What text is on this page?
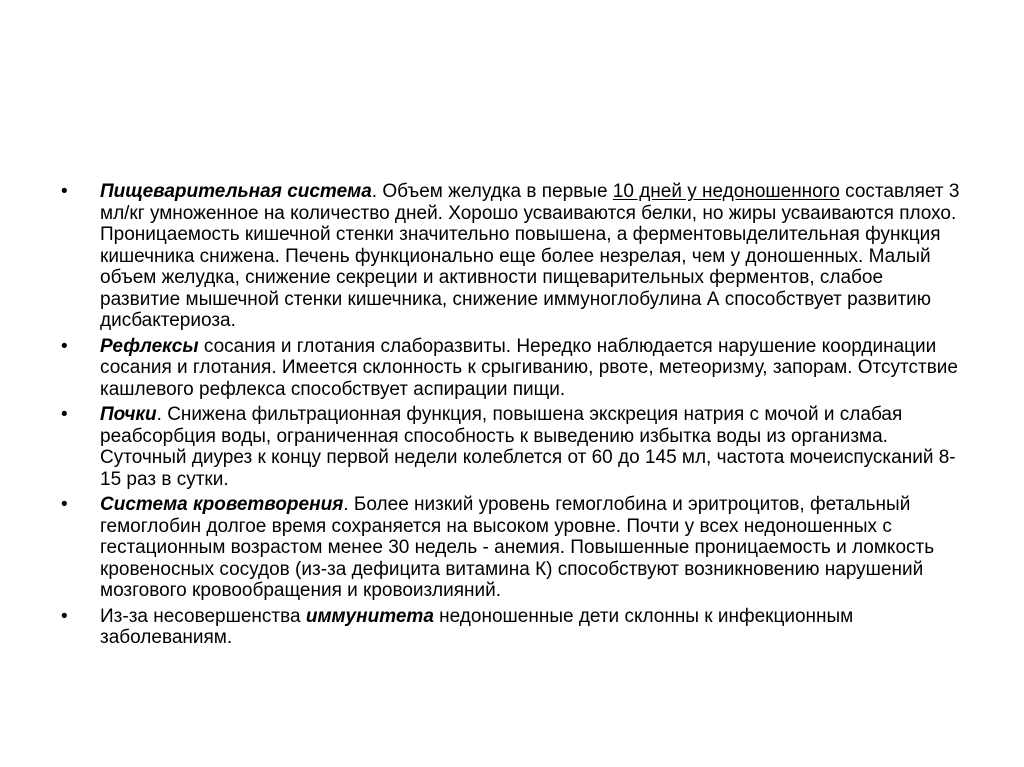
• Пищеварительная система. Объем желудка в первые 10 дней у недоношенного составляет 3 мл/кг умноженное на количество дней. Хорошо усваиваются белки, но жиры усваиваются плохо. Проницаемость кишечной стенки значительно повышена, а ферментовыделительная функция кишечника снижена. Печень функционально еще более незрелая, чем у доношенных. Малый объем желудка, снижение секреции и активности пищеварительных ферментов, слабое развитие мышечной стенки кишечника, снижение иммуноглобулина А способствует развитию дисбактериоза.
• Рефлексы сосания и глотания слаборазвиты. Нередко наблюдается нарушение координации сосания и глотания. Имеется склонность к срыгиванию, рвоте, метеоризму, запорам. Отсутствие кашлевого рефлекса способствует аспирации пищи.
• Почки. Снижена фильтрационная функция, повышена экскреция натрия с мочой и слабая реабсорбция воды, ограниченная способность к выведению избытка воды из организма. Суточный диурез к концу первой недели колеблется от 60 до 145 мл, частота мочеиспусканий 8-15 раз в сутки.
• Система кроветворения. Более низкий уровень гемоглобина и эритроцитов, фетальный гемоглобин долгое время сохраняется на высоком уровне. Почти у всех недоношенных с гестационным возрастом менее 30 недель - анемия. Повышенные проницаемость и ломкость кровеносных сосудов (из-за дефицита витамина К) способствуют возникновению нарушений мозгового кровообращения и кровоизлияний.
• Из-за несовершенства иммунитета недоношенные дети склонны к инфекционным заболеваниям.
